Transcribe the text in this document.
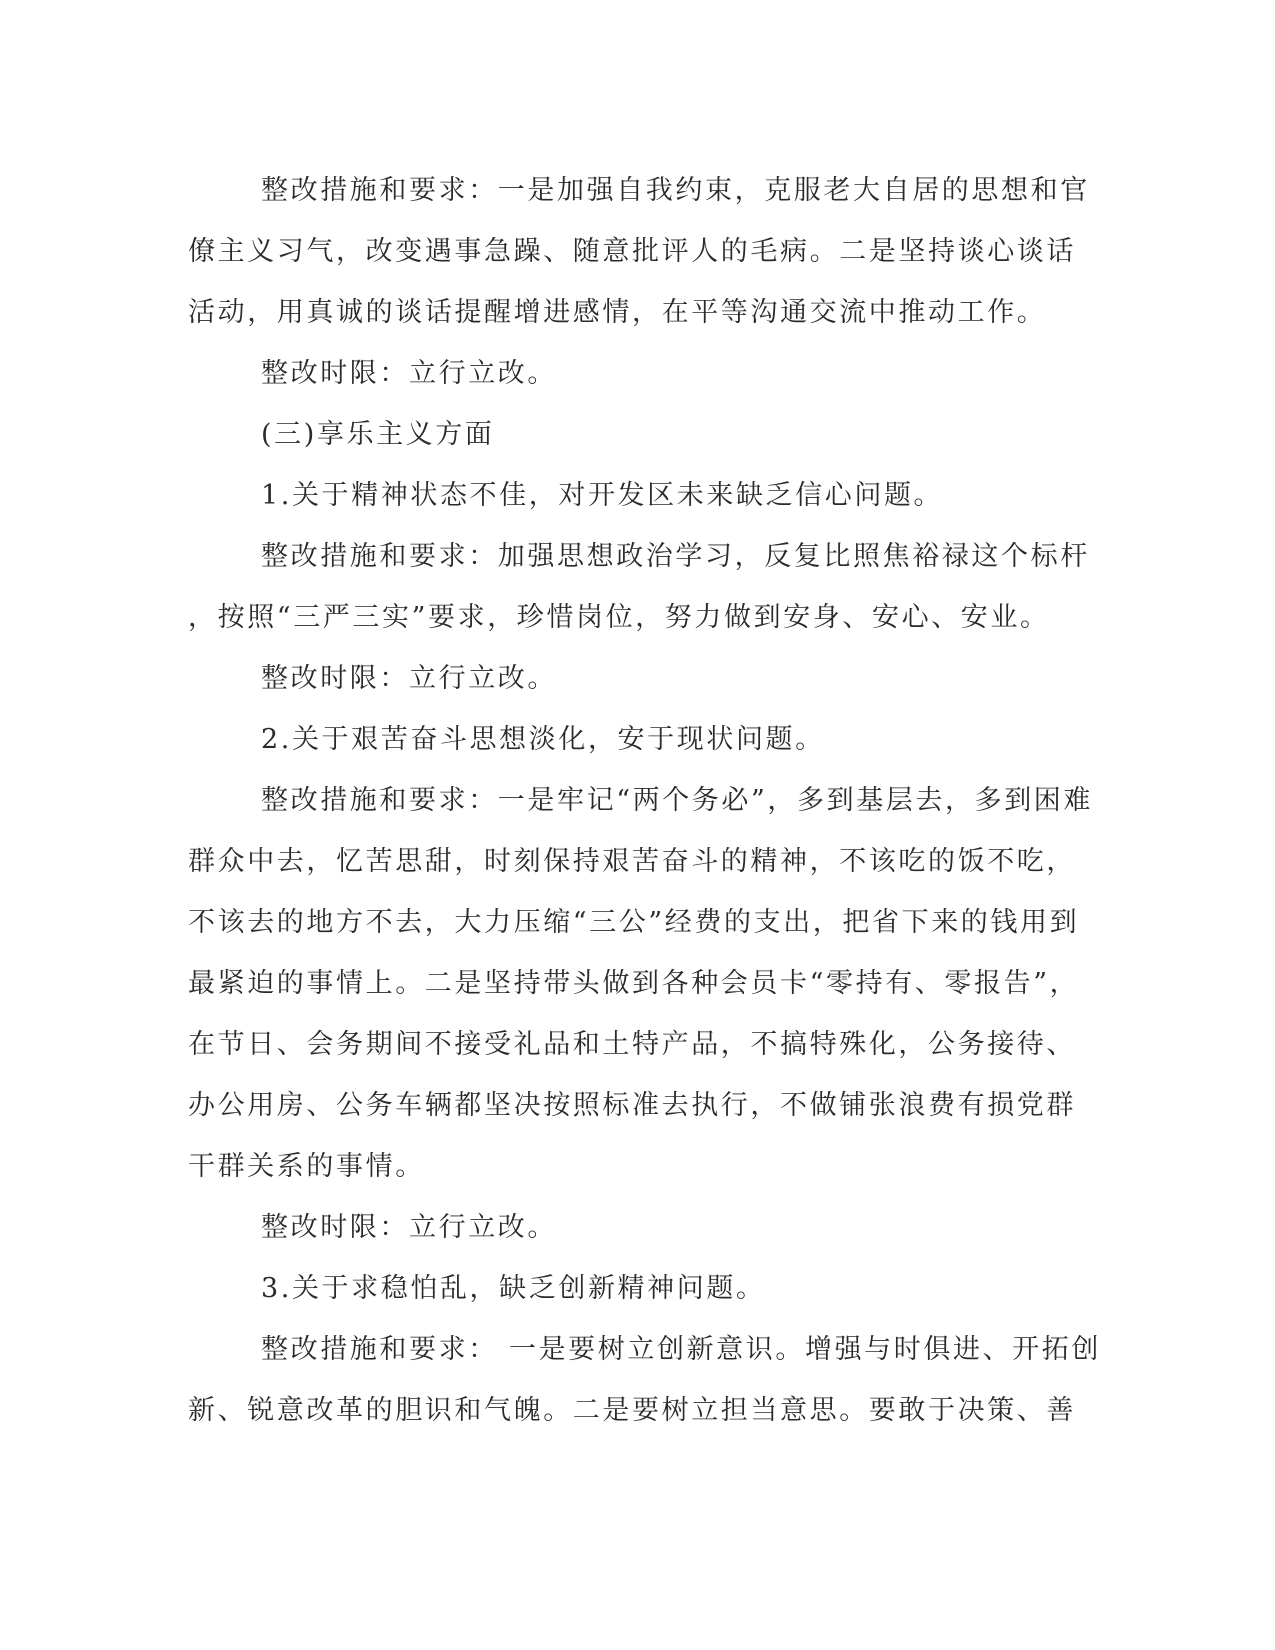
整改措施和要求：一是加强自我约束，克服老大自居的思想和官
僚主义习气，改变遇事急躁、随意批评人的毛病。二是坚持谈心谈话
活动，用真诚的谈话提醒增进感情，在平等沟通交流中推动工作。
整改时限：立行立改。
(三)享乐主义方面
1.关于精神状态不佳，对开发区未来缺乏信心问题。
整改措施和要求：加强思想政治学习，反复比照焦裕禄这个标杆
，按照“三严三实”要求，珍惜岗位，努力做到安身、安心、安业。
整改时限：立行立改。
2.关于艰苦奋斗思想淡化，安于现状问题。
整改措施和要求：一是牢记“两个务必”，多到基层去，多到困难
群众中去，忆苦思甜，时刻保持艰苦奋斗的精神，不该吃的饭不吃，
不该去的地方不去，大力压缩“三公”经费的支出，把省下来的钱用到
最紧迫的事情上。二是坚持带头做到各种会员卡“零持有、零报告”，
在节日、会务期间不接受礼品和土特产品，不搞特殊化，公务接待、
办公用房、公务车辆都坚决按照标准去执行，不做铺张浪费有损党群
干群关系的事情。
整改时限：立行立改。
3.关于求稳怕乱，缺乏创新精神问题。
整改措施和要求： 一是要树立创新意识。增强与时俱进、开拓创
新、锐意改革的胆识和气魄。二是要树立担当意思。要敢于决策、善
